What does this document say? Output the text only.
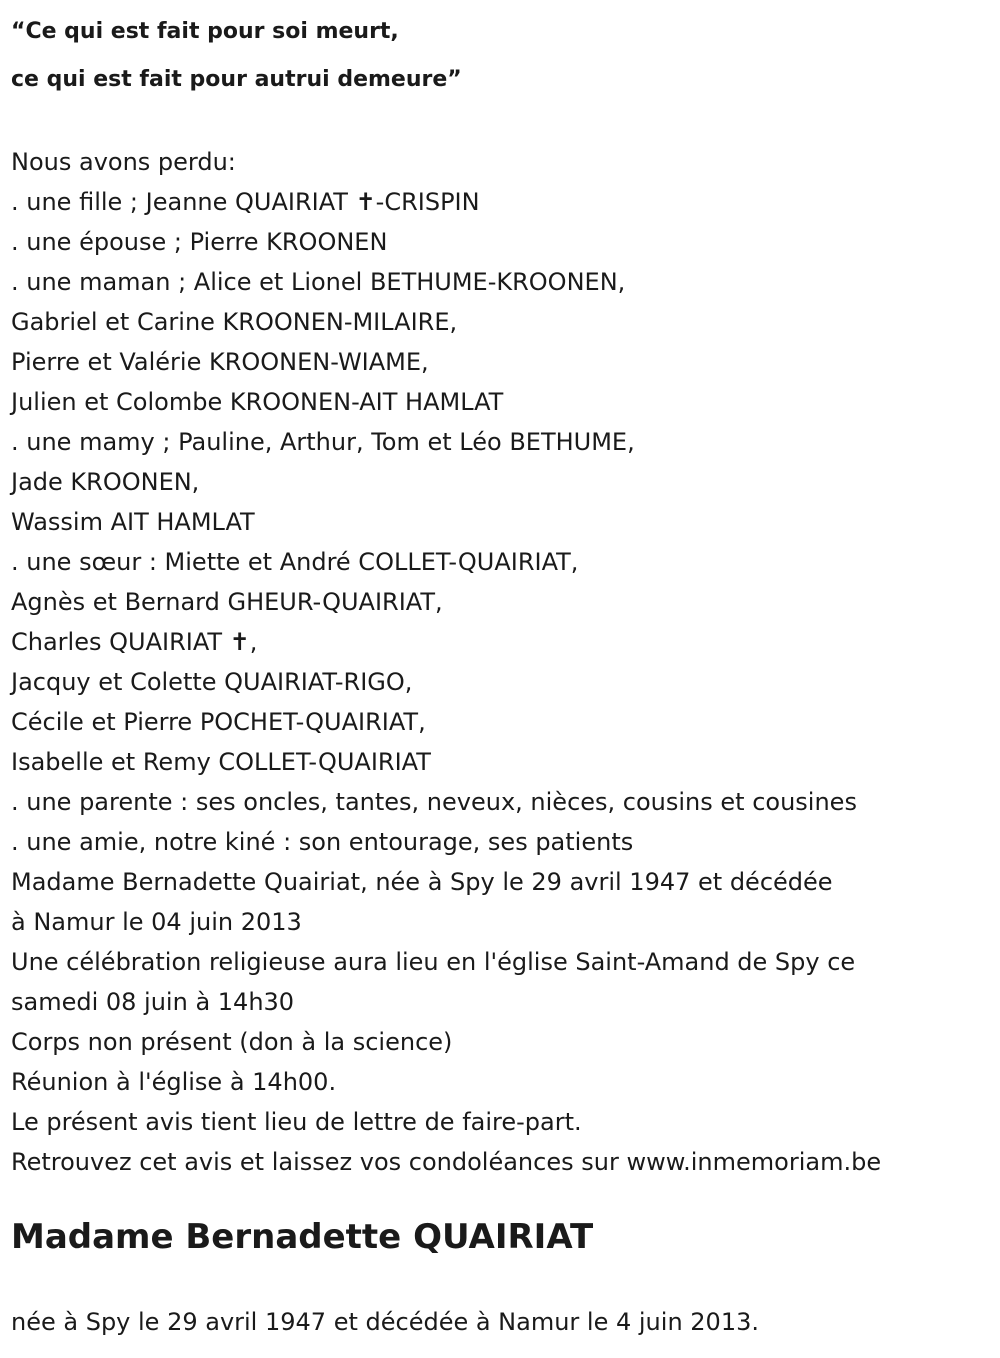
“Ce qui est fait pour soi meurt,
ce qui est fait pour autrui demeure”
Nous avons perdu:
. une fille ; Jeanne QUAIRIAT ✝-CRISPIN
. une épouse ; Pierre KROONEN
. une maman ; Alice et Lionel BETHUME-KROONEN,
Gabriel et Carine KROONEN-MILAIRE,
Pierre et Valérie KROONEN-WIAME,
Julien et Colombe KROONEN-AIT HAMLAT
. une mamy ; Pauline, Arthur, Tom et Léo BETHUME,
Jade KROONEN,
Wassim AIT HAMLAT
. une sœur : Miette et André COLLET-QUAIRIAT,
Agnès et Bernard GHEUR-QUAIRIAT,
Charles QUAIRIAT ✝,
Jacquy et Colette QUAIRIAT-RIGO,
Cécile et Pierre POCHET-QUAIRIAT,
Isabelle et Remy COLLET-QUAIRIAT
. une parente : ses oncles, tantes, neveux, nièces, cousins et cousines
. une amie, notre kiné : son entourage, ses patients
Madame Bernadette Quairiat, née à Spy le 29 avril 1947 et décédée
à Namur le 04 juin 2013
Une célébration religieuse aura lieu en l'église Saint-Amand de Spy ce
samedi 08 juin à 14h30
Corps non présent (don à la science)
Réunion à l'église à 14h00.
Le présent avis tient lieu de lettre de faire-part.
Retrouvez cet avis et laissez vos condoléances sur www.inmemoriam.be
Madame Bernadette QUAIRIAT

née à Spy le 29 avril 1947 et décédée à Namur le 4 juin 2013.
